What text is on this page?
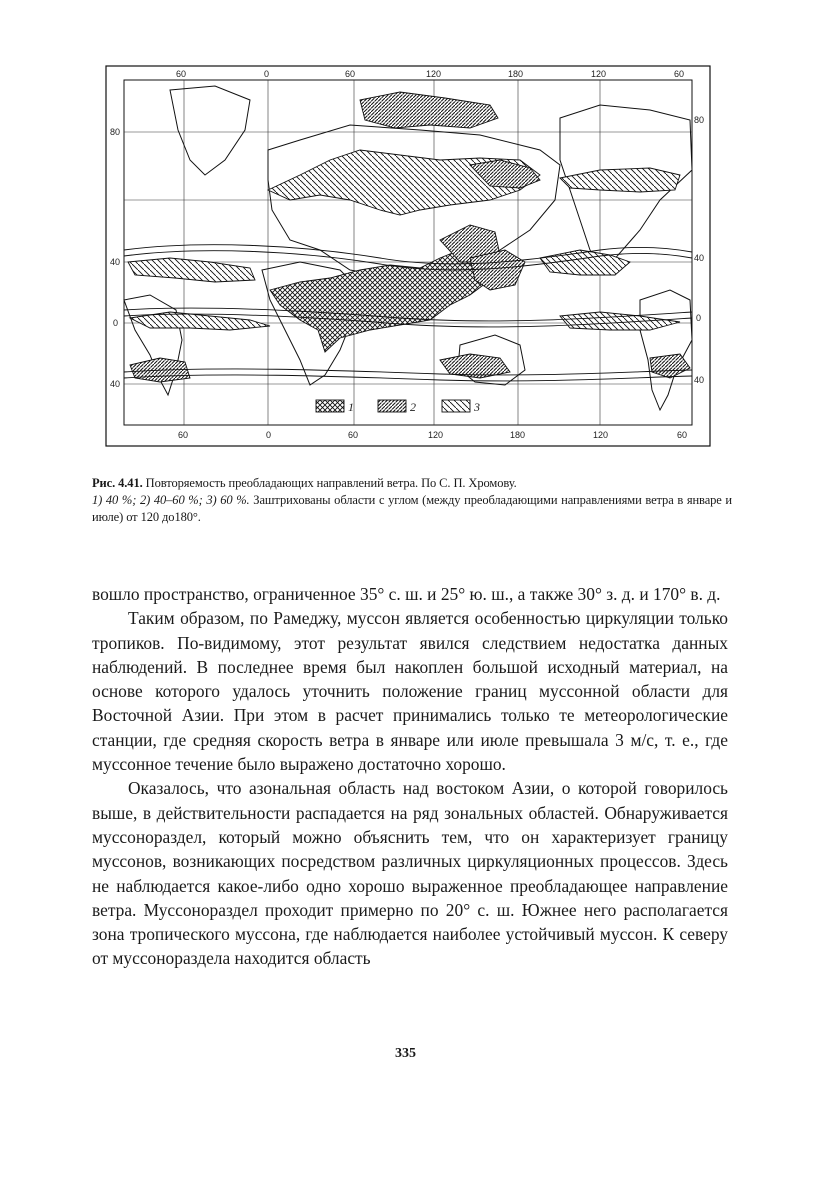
60	0	60	120	180	120	60
60	0	60	120	180	120	60
80
40
0
40
80
40
0
40
1	2	3
Рис. 4.41. Повторяемость преобладающих направлений ветра. По С. П. Хромову.
1) 40 %; 2) 40–60 %; 3) 60 %. Заштрихованы области с углом (между преобладающими направлениями ветра в январе и июле) от 120 до180°.

вошло пространство, ограниченное 35° с. ш. и 25° ю. ш., а также 30° з. д. и 170° в. д.

Таким образом, по Рамеджу, муссон является особенностью циркуляции только тропиков. По-видимому, этот результат явился следствием недостатка данных наблюдений. В последнее время был накоплен большой исходный материал, на основе которого удалось уточнить положение границ муссонной области для Восточной Азии. При этом в расчет принимались только те метеорологические станции, где средняя скорость ветра в январе или июле превышала 3 м/с, т. е., где муссонное течение было выражено достаточно хорошо.

Оказалось, что азональная область над востоком Азии, о которой говорилось выше, в действительности распадается на ряд зональных областей. Обнаруживается муссонораздел, который можно объяснить тем, что он характеризует границу муссонов, возникающих посредством различных циркуляционных процессов. Здесь не наблюдается какое-либо одно хорошо выраженное преобладающее направление ветра. Муссонораздел проходит примерно по 20° с. ш. Южнее него располагается зона тропического муссона, где наблюдается наиболее устойчивый муссон. К северу от муссонораздела находится область

335
